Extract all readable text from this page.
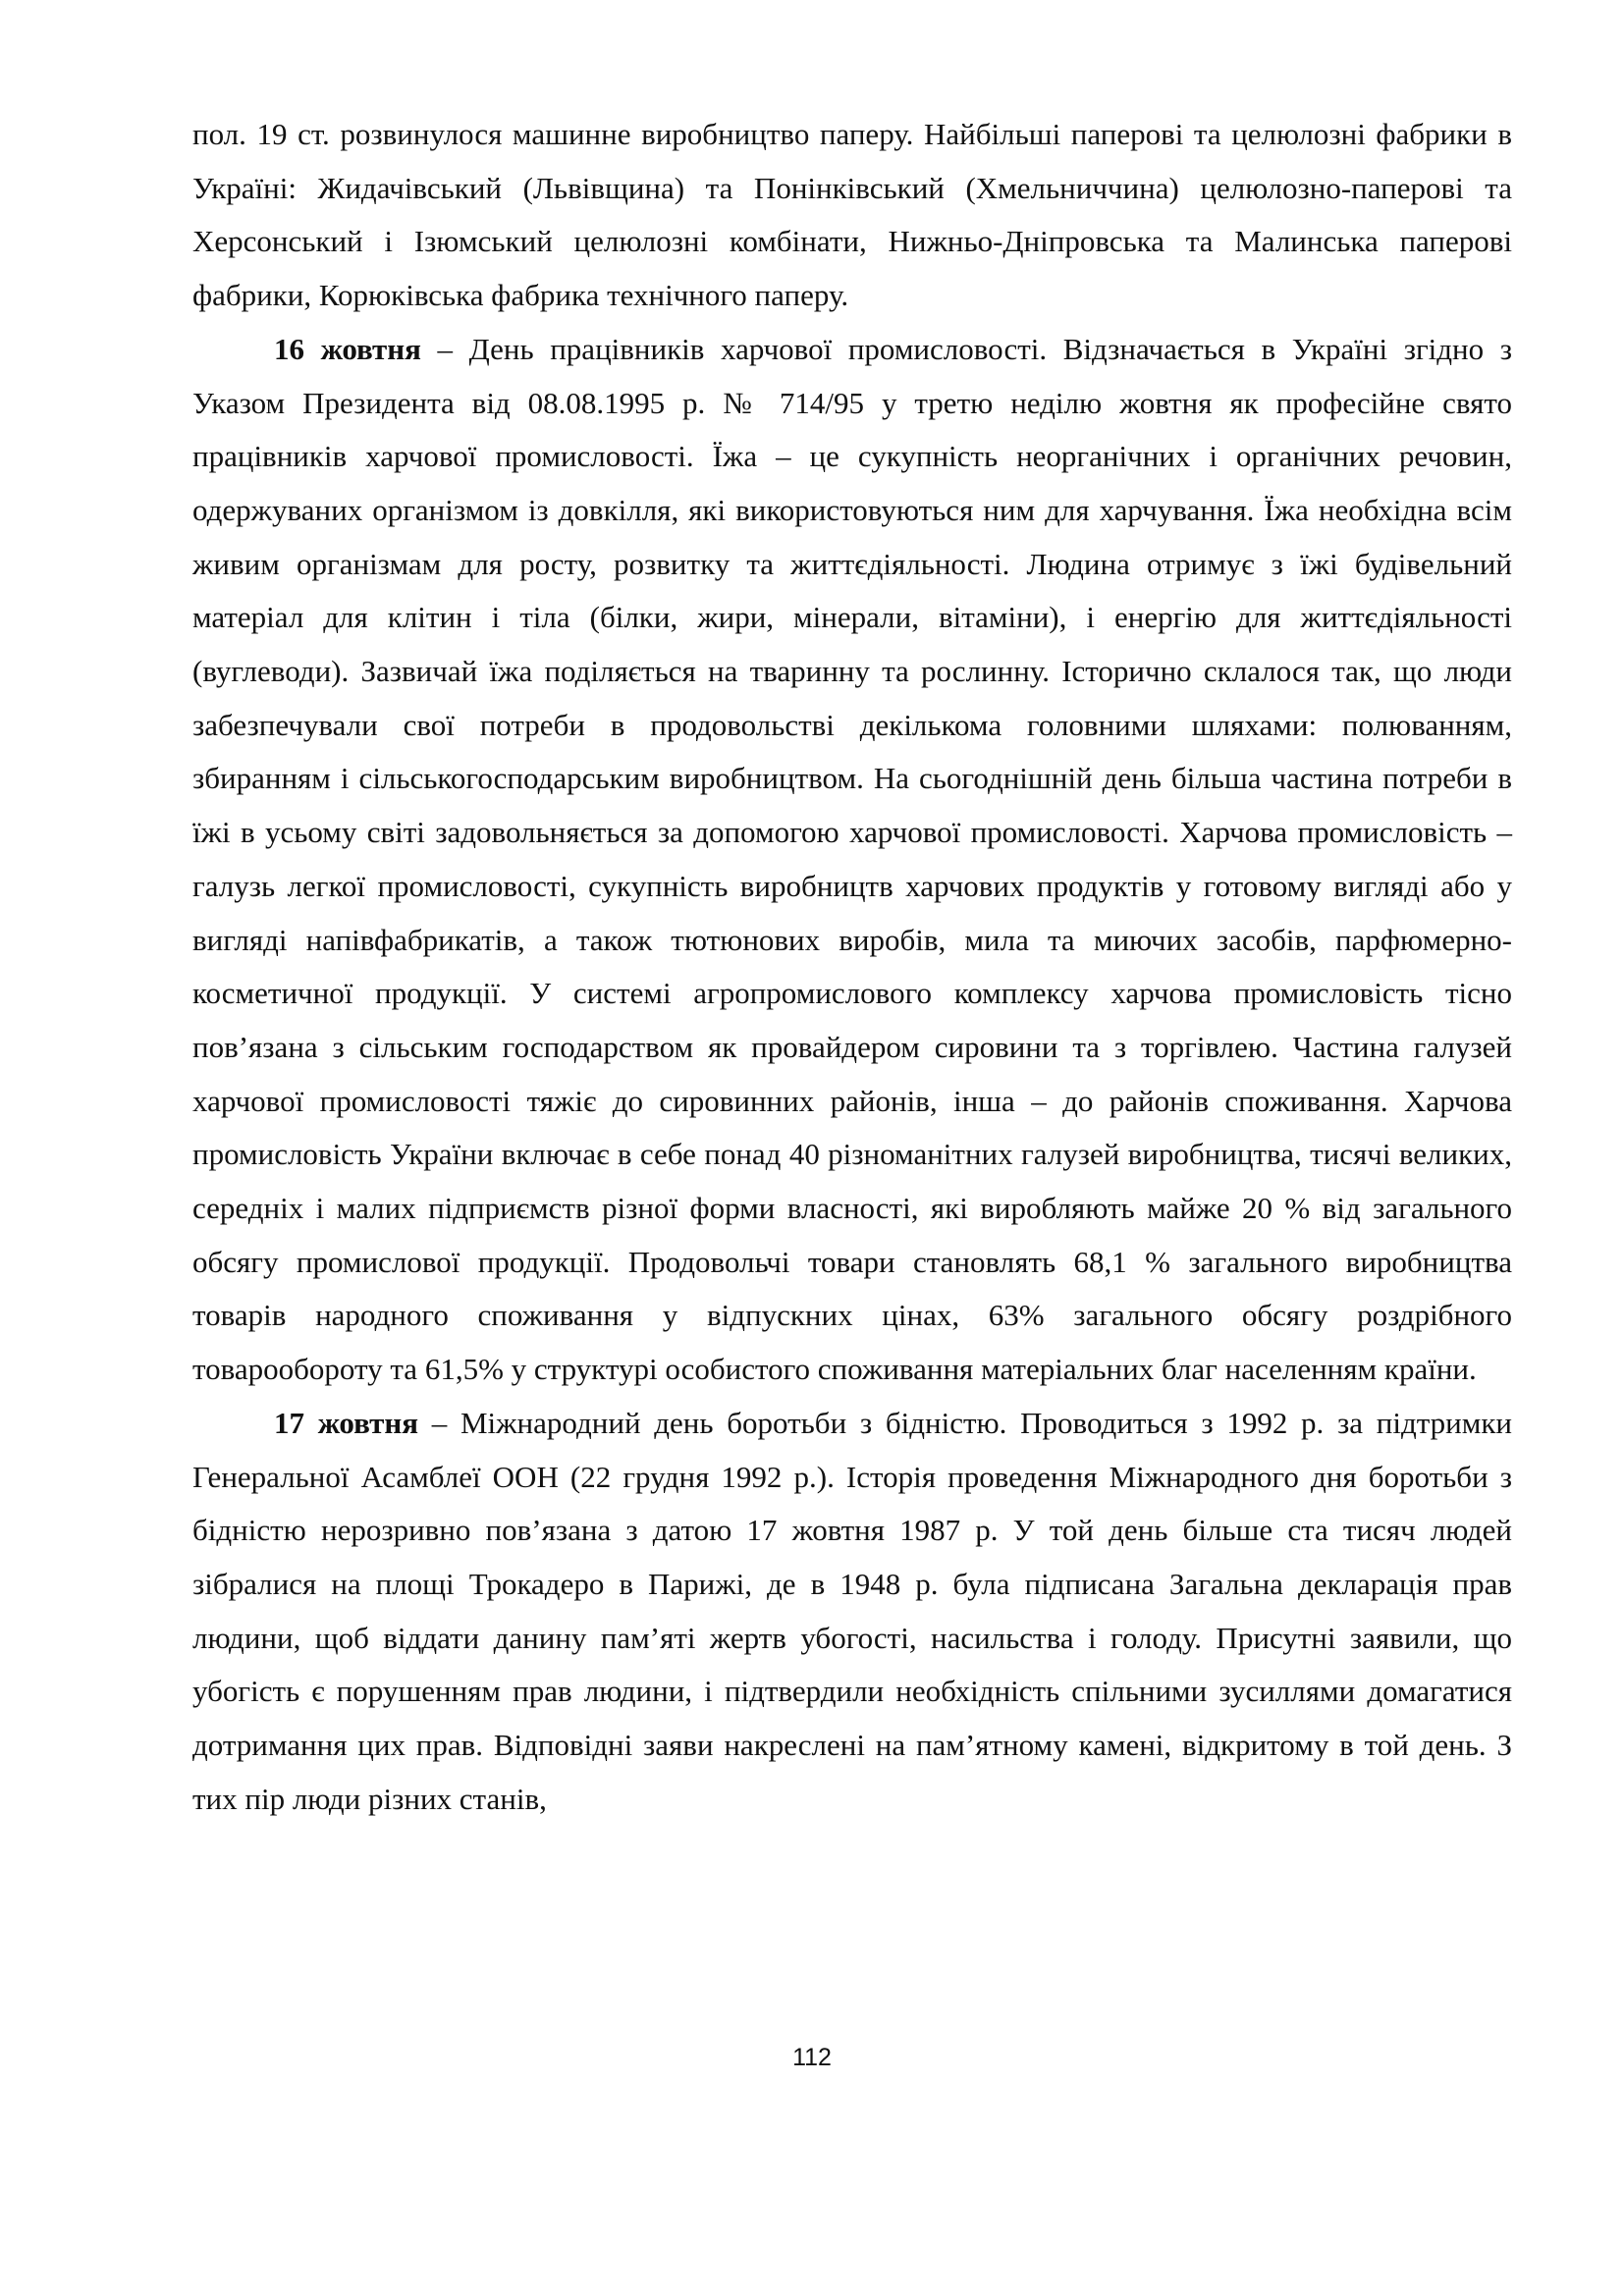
пол. 19 ст. розвинулося машинне виробництво паперу. Найбільші паперові та целюлозні фабрики в Україні: Жидачівський (Львівщина) та Понінківський (Хмельниччина) целюлозно-паперові та Херсонський і Ізюмський целюлозні комбінати, Нижньо-Дніпровська та Малинська паперові фабрики, Корюківська фабрика технічного паперу.

16 жовтня – День працівників харчової промисловості. Відзначається в Україні згідно з Указом Президента від 08.08.1995 р. № 714/95 у третю неділю жовтня як професійне свято працівників харчової промисловості. Їжа – це сукупність неорганічних і органічних речовин, одержуваних організмом із довкілля, які використовуються ним для харчування. Їжа необхідна всім живим організмам для росту, розвитку та життєдіяльності. Людина отримує з їжі будівельний матеріал для клітин і тіла (білки, жири, мінерали, вітаміни), і енергію для життєдіяльності (вуглеводи). Зазвичай їжа поділяється на тваринну та рослинну. Історично склалося так, що люди забезпечували свої потреби в продовольстві декількома головними шляхами: полюванням, збиранням і сільськогосподарським виробництвом. На сьогоднішній день більша частина потреби в їжі в усьому світі задовольняється за допомогою харчової промисловості. Харчова промисловість – галузь легкої промисловості, сукупність виробництв харчових продуктів у готовому вигляді або у вигляді напівфабрикатів, а також тютюнових виробів, мила та миючих засобів, парфюмерно-косметичної продукції. У системі агропромислового комплексу харчова промисловість тісно пов’язана з сільським господарством як провайдером сировини та з торгівлею. Частина галузей харчової промисловості тяжіє до сировинних районів, інша – до районів споживання. Харчова промисловість України включає в себе понад 40 різноманітних галузей виробництва, тисячі великих, середніх і малих підприємств різної форми власності, які виробляють майже 20 % від загального обсягу промислової продукції. Продовольчі товари становлять 68,1 % загального виробництва товарів народного споживання у відпускних цінах, 63% загального обсягу роздрібного товарообороту та 61,5% у структурі особистого споживання матеріальних благ населенням країни.

17 жовтня – Міжнародний день боротьби з бідністю. Проводиться з 1992 р. за підтримки Генеральної Асамблеї ООН (22 грудня 1992 р.). Історія проведення Міжнародного дня боротьби з бідністю нерозривно пов’язана з датою 17 жовтня 1987 р. У той день більше ста тисяч людей зібралися на площі Трокадеро в Парижі, де в 1948 р. була підписана Загальна декларація прав людини, щоб віддати данину пам’яті жертв убогості, насильства і голоду. Присутні заявили, що убогість є порушенням прав людини, і підтвердили необхідність спільними зусиллями домагатися дотримання цих прав. Відповідні заяви накреслені на пам’ятному камені, відкритому в той день. З тих пір люди різних станів,

112
